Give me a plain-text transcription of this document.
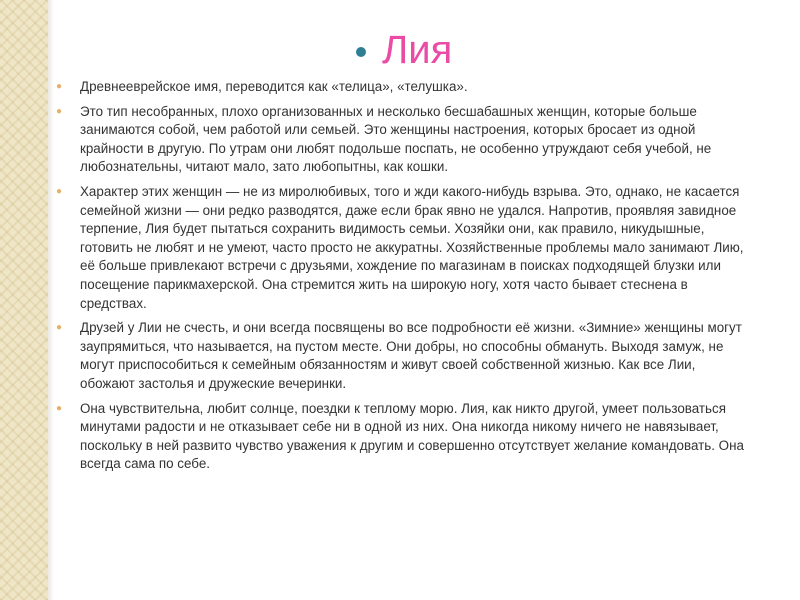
Лия
● Древнееврейское имя, переводится как «телица», «телушка».
● Это тип несобранных, плохо организованных и несколько бесшабашных женщин, которые больше занимаются собой, чем работой или семьей. Это женщины настроения, которых бросает из одной крайности в другую. По утрам они любят подольше поспать, не особенно утруждают себя учебой, не любознательны, читают мало, зато любопытны, как кошки.
● Характер этих женщин — не из миролюбивых, того и жди какого-нибудь взрыва. Это, однако, не касается семейной жизни — они редко разводятся, даже если брак явно не удался. Напротив, проявляя завидное терпение, Лия будет пытаться сохранить видимость семьи. Хозяйки они, как правило, никудышные, готовить не любят и не умеют, часто просто не аккуратны. Хозяйственные проблемы мало занимают Лию, её больше привлекают встречи с друзьями, хождение по магазинам в поисках подходящей блузки или посещение парикмахерской. Она стремится жить на широкую ногу, хотя часто бывает стеснена в средствах.
● Друзей у Лии не счесть, и они всегда посвящены во все подробности её жизни. «Зимние» женщины могут заупрямиться, что называется, на пустом месте. Они добры, но способны обмануть. Выходя замуж, не могут приспособиться к семейным обязанностям и живут своей собственной жизнью. Как все Лии, обожают застолья и дружеские вечеринки.
● Она чувствительна, любит солнце, поездки к теплому морю. Лия, как никто другой, умеет пользоваться минутами радости и не отказывает себе ни в одной из них. Она никогда никому ничего не навязывает, поскольку в ней развито чувство уважения к другим и совершенно отсутствует желание командовать. Она всегда сама по себе.
